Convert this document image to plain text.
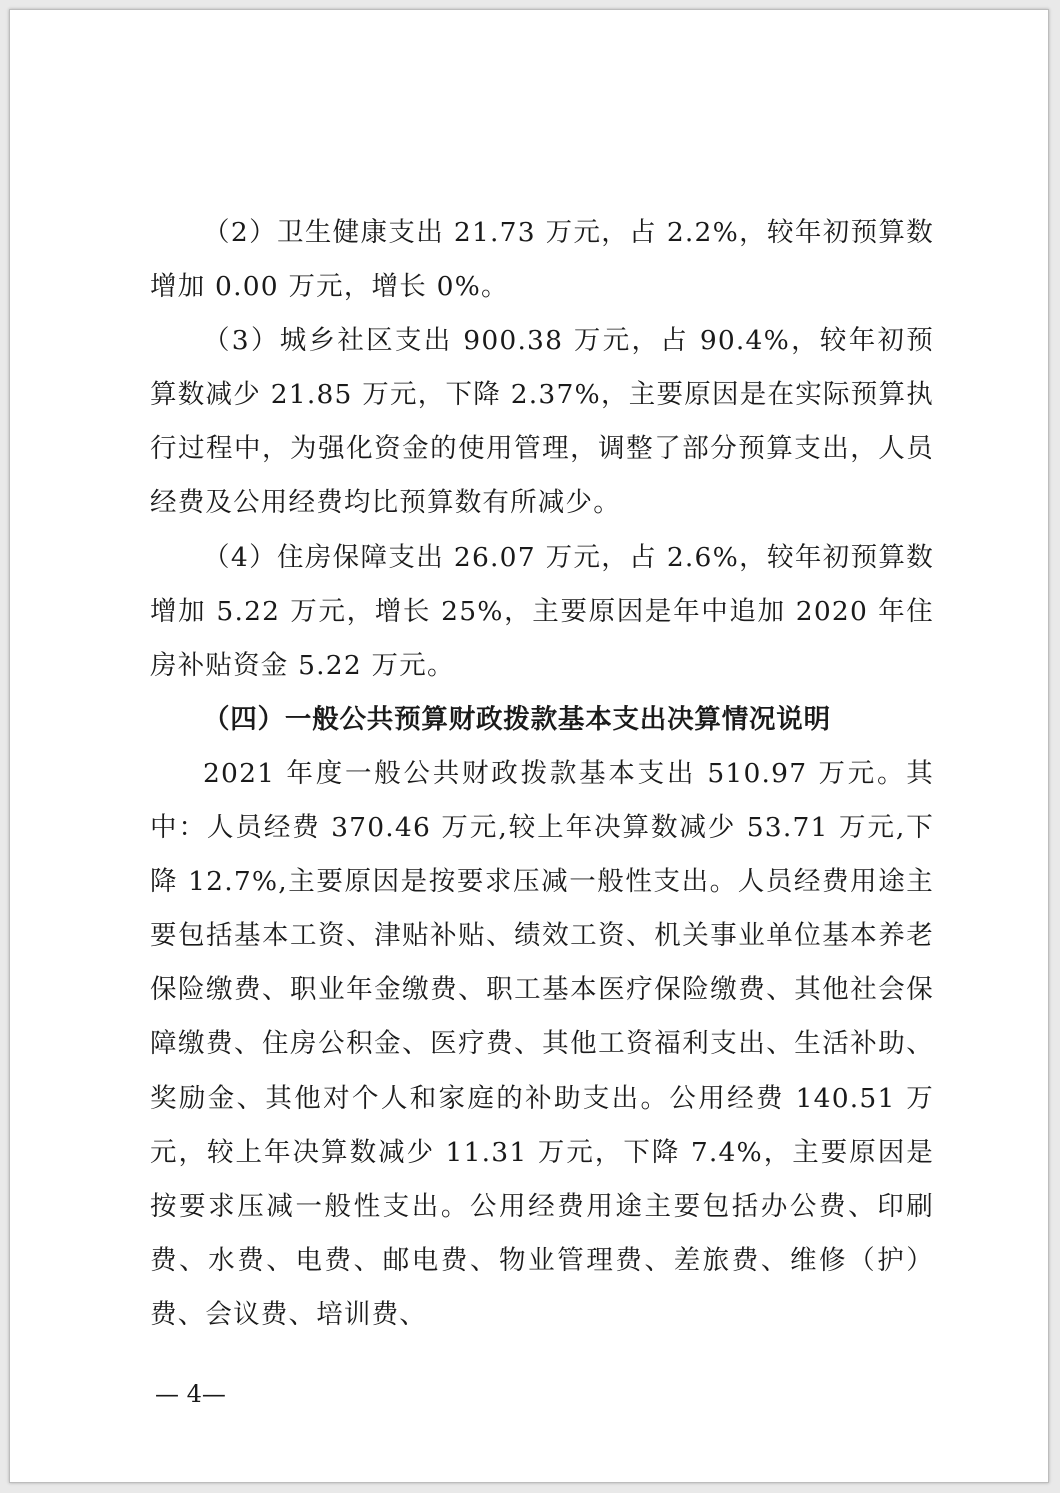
（2）卫生健康支出 21.73 万元，占 2.2%，较年初预算数增加 0.00 万元，增长 0%。

（3）城乡社区支出 900.38 万元，占 90.4%，较年初预算数减少 21.85 万元，下降 2.37%，主要原因是在实际预算执行过程中，为强化资金的使用管理，调整了部分预算支出，人员经费及公用经费均比预算数有所减少。

（4）住房保障支出 26.07 万元，占 2.6%，较年初预算数增加 5.22 万元，增长 25%，主要原因是年中追加 2020 年住房补贴资金 5.22 万元。

（四）一般公共预算财政拨款基本支出决算情况说明

2021 年度一般公共财政拨款基本支出 510.97 万元。其中：人员经费 370.46 万元,较上年决算数减少 53.71 万元,下降 12.7%,主要原因是按要求压减一般性支出。人员经费用途主要包括基本工资、津贴补贴、绩效工资、机关事业单位基本养老保险缴费、职业年金缴费、职工基本医疗保险缴费、其他社会保障缴费、住房公积金、医疗费、其他工资福利支出、生活补助、奖励金、其他对个人和家庭的补助支出。公用经费 140.51 万元，较上年决算数减少 11.31 万元，下降 7.4%，主要原因是按要求压减一般性支出。公用经费用途主要包括办公费、印刷费、水费、电费、邮电费、物业管理费、差旅费、维修（护）费、会议费、培训费、

— 4—
